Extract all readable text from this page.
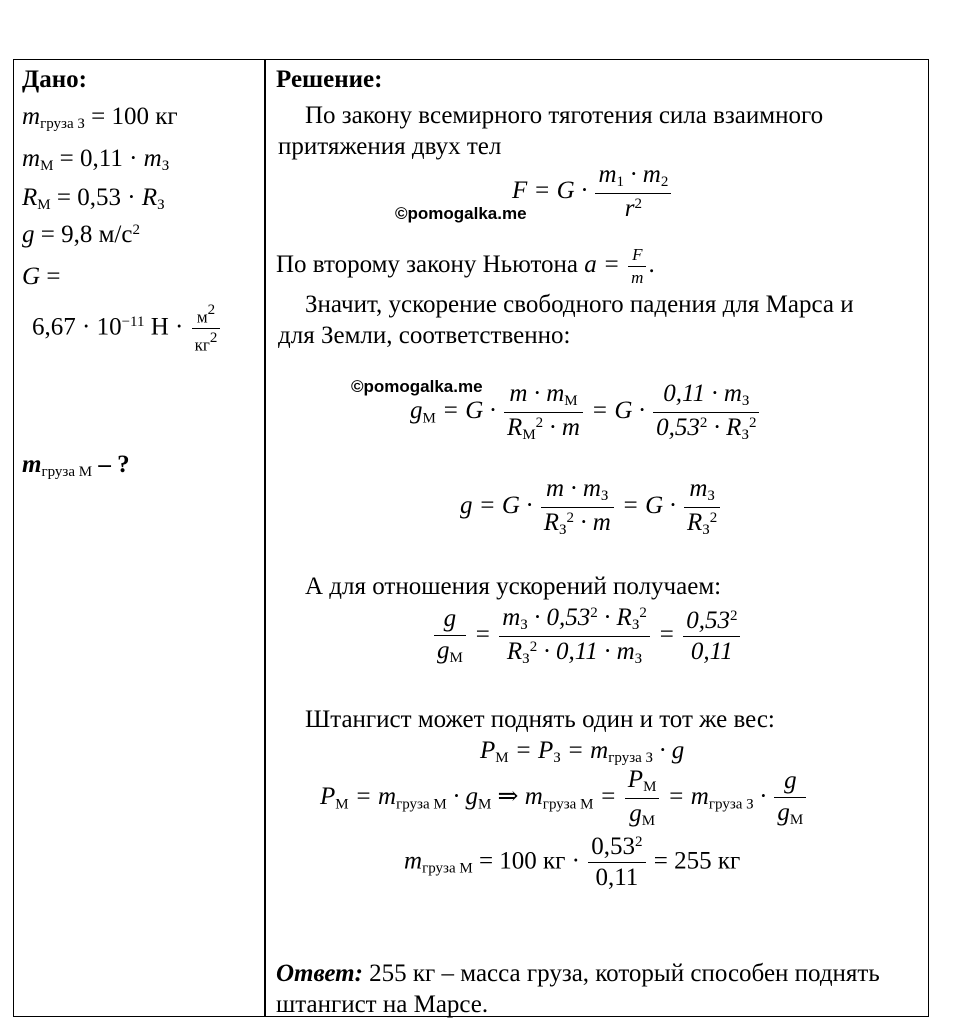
Дано:
$m_{груза З} = 100$ кг
$m_М = 0,11 \cdot m_З$
$R_М = 0,53 \cdot R_З$
g = 9,8 $м/с^2$
G =
$6,67 \cdot 10^{-11}$ $Н \cdot \frac{м2}{кг2}$
mгруза М – ?
Решение:
По закону всемирного тяготения сила взаимного
притяжения двух тел
$F = G \cdot \frac{m_1 \cdot m_2}{r^2}$
©pomogalka.me
По второму закону Ньютона $a = \frac{F}{m}$ .
Значит, ускорение свободного падения для Марса и
для Земли, соответственно:
©pomogalka.me
$g_М = G \cdot \frac{m \cdot m_М}{R_М^2 \cdot m} = G \cdot \frac{0,11 \cdot m_З}{0,53^2 \cdot R_З^2}$
$g = G \cdot \frac{m \cdot m_З}{R_З^2 \cdot m} = G \cdot \frac{m_З}{R_З^2}$
А для отношения ускорений получаем:
$\frac{g}{g_М} = \frac{m_З \cdot 0,53^2 \cdot R_З^2}{R_З^2 \cdot 0,11 \cdot m_З} = \frac{0,53^2}{0,11}$
Штангист может поднять один и тот же вес:
$P_М = P_З = m_{груза З} \cdot g$
$P_М = m_{груза М} \cdot g_М$ ⇒ $m_{груза М} = \frac{P_М}{g_М} = m_{груза З} \cdot \frac{g}{g_М}$
$m_{груза М} = 100$ кг · $\frac{0,53^2}{0,11} = 255$ кг
Ответ: 255 кг – масса груза, который способен поднять
штангист на Марсе.
